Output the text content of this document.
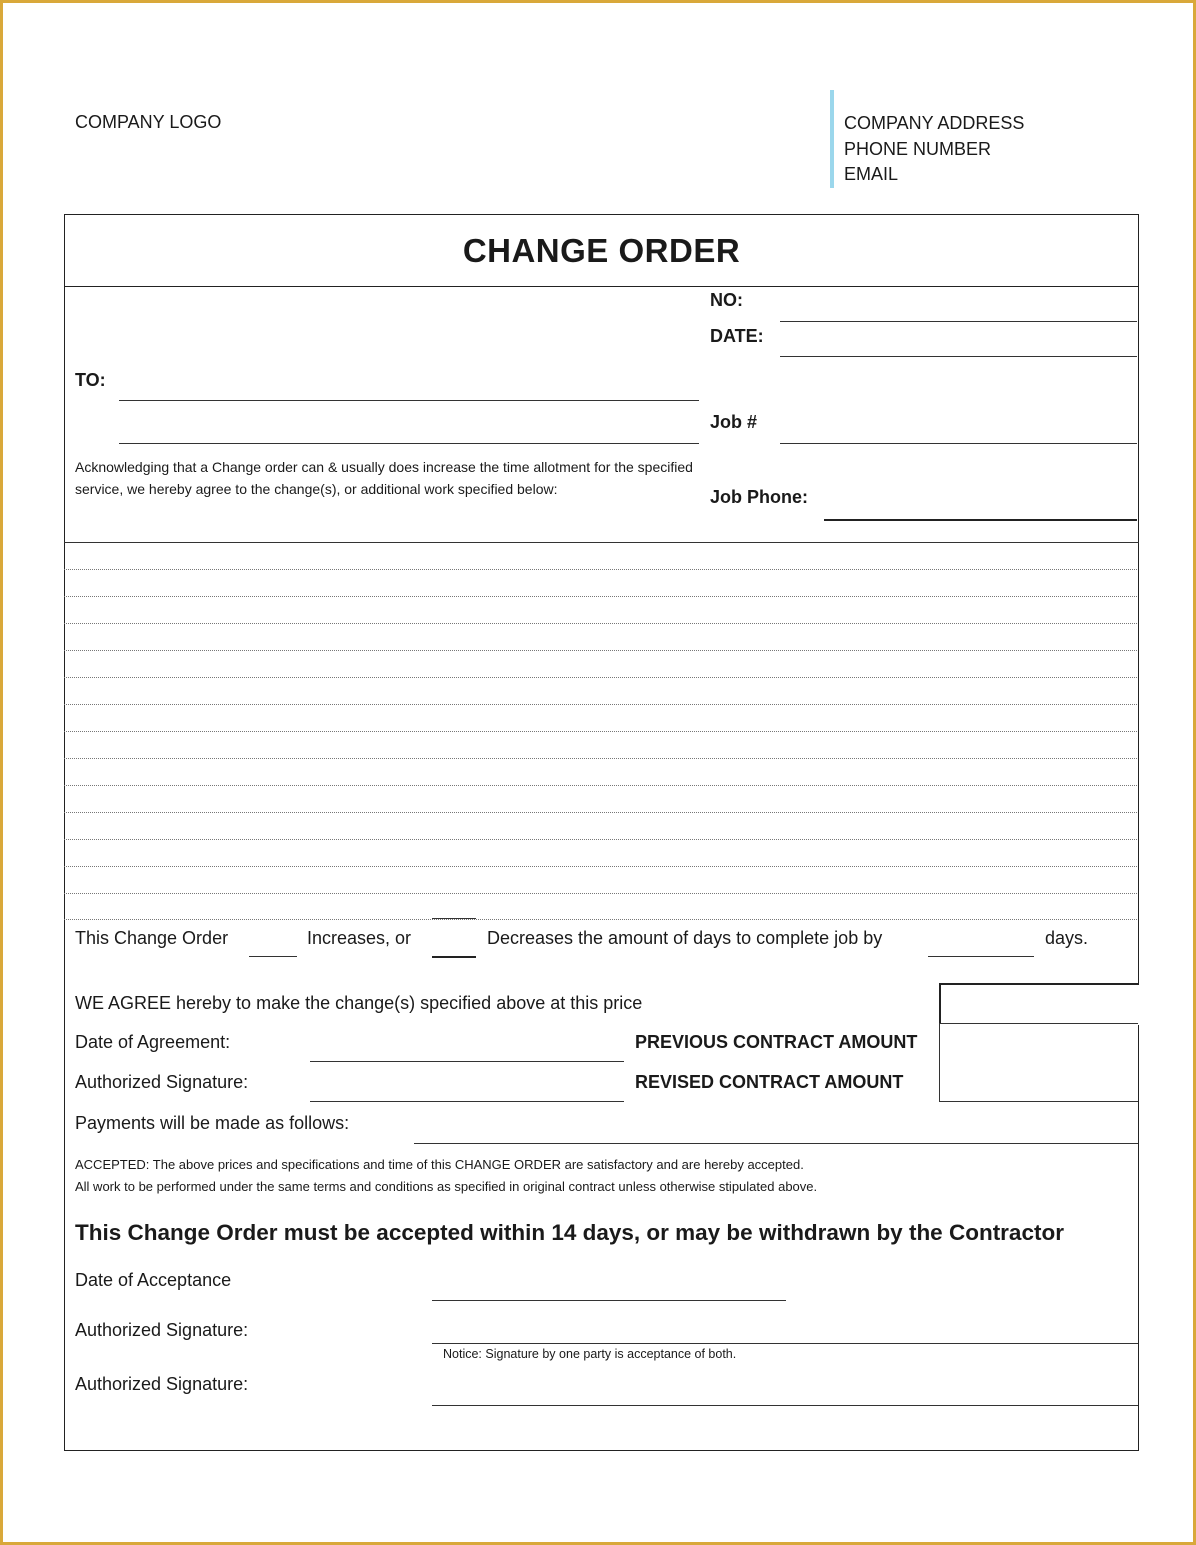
COMPANY LOGO	COMPANY ADDRESS
PHONE NUMBER
EMAIL
CHANGE ORDER
NO:
DATE:
TO:
Job #
Acknowledging that a Change order can & usually does increase the time allotment for the specified service, we hereby agree to the change(s), or additional work specified below:	Job Phone:
This Change Order	Increases, or	Decreases the amount of days to complete job by	days.
WE AGREE hereby to make the change(s) specified above at this price
Date of Agreement:	PREVIOUS CONTRACT AMOUNT
Authorized Signature:	REVISED CONTRACT AMOUNT
Payments will be made as follows:
ACCEPTED: The above prices and specifications and time of this CHANGE ORDER are satisfactory and are hereby accepted.
All work to be performed under the same terms and conditions as specified in original contract unless otherwise stipulated above.
This Change Order must be accepted within 14 days, or may be withdrawn by the Contractor
Date of Acceptance
Authorized Signature:
Notice: Signature by one party is acceptance of both.
Authorized Signature:
